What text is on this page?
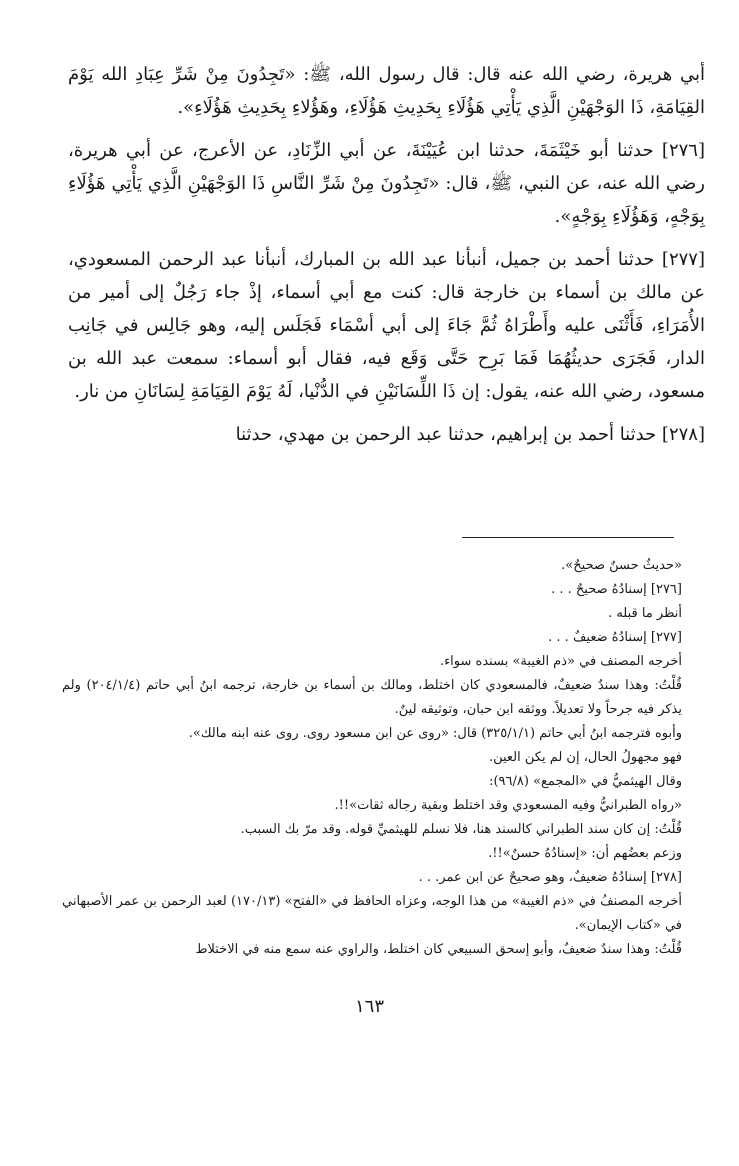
أبي هريرة، رضي الله عنه قال: قال رسول الله، ﷺ: «تَجِدُونَ مِنْ شَرِّ عِبَادِ الله يَوْمَ القِيَامَةِ، ذَا الوَجْهَيْنِ الَّذِي يَأْتِي هَؤُلَاءِ بِحَدِيثِ هَؤُلَاءِ، وهَؤُلاءِ بِحَدِيثِ هَؤُلَاءِ».

[٢٧٦] حدثنا أبو خَيْثَمَةَ، حدثنا ابن عُيَيْنَةَ، عن أبي الزِّنَادِ، عن الأعرج، عن أبي هريرة، رضي الله عنه، عن النبي، ﷺ، قال: «تَجِدُونَ مِنْ شَرِّ النَّاسِ ذَا الوَجْهَيْنِ الَّذِي يَأْتِي هَؤُلَاءِ بِوَجْهٍ، وَهَؤُلَاءِ بِوَجْهٍ».

[٢٧٧] حدثنا أحمد بن جميل، أنبأنا عبد الله بن المبارك، أنبأنا عبد الرحمن المسعودي، عن مالك بن أسماء بن خارجة قال: كنت مع أبي أسماء، إذْ جاء رَجُلٌ إلى أمير من الأُمَرَاءِ، فَأَثْنَى عليه وأَطْرَاهُ ثُمَّ جَاءَ إلى أبي أسْمَاء فَجَلَس إليه، وهو جَالِس في جَانِب الدار، فَجَرَى حديثُهُمَا فَمَا بَرِح حَتَّى وَقَع فيه، فقال أبو أسماء: سمعت عبد الله بن مسعود، رضي الله عنه، يقول: إن ذَا اللِّسَانَيْنِ في الدُّنْيا، لَهُ يَوْمَ القِيَامَةِ لِسَانَانِ من نار.

[٢٧٨] حدثنا أحمد بن إبراهيم، حدثنا عبد الرحمن بن مهدي، حدثنا

«حديثٌ حسنٌ صحيحٌ».
[٢٧٦] إسنادُهُ صحيحٌ . . .
أنظر ما قبله .
[٢٧٧] إسنادُهُ ضعيفٌ . . .
أخرجه المصنف في «ذم الغيبة» بسنده سواء.
قُلْتُ: وهذا سندٌ ضعيفٌ، فالمسعودي كان اختلط، ومالك بن أسماء بن خارجة، ترجمه ابنُ أبي حاتم (٢٠٤/١/٤) ولم يذكر فيه جرحاً ولا تعديلاً. ووثقه ابن حبان، وتوثيقه لينٌ.
وأبوه فترجمه ابنُ أبي حاتم (٣٢٥/١/١) قال: «روى عن ابن مسعود روى. روى عنه ابنه مالك».
فهو مجهولُ الحال، إن لم يكن العين.
وقال الهيثميُّ في «المجمع» (٩٦/٨):
«رواه الطبرانيُّ وفيه المسعودي وقد اختلط وبقية رجاله ثقات»!!.
قُلْتُ: إن كان سند الطبراني كالسند هنا، فلا نسلم للهيثميِّ قوله. وقد مرّ بك السبب.
وزعم بعضُهم أن: «إسنادُهُ حسنٌ»!!.
[٢٧٨] إسنادُهُ ضعيفٌ، وهو صحيحٌ عن ابن عمر. . .
أخرجه المصنفُ في «ذم الغيبة» من هذا الوجه، وعزاه الحافظ في «الفتح» (١٧٠/١٣) لعبد الرحمن بن عمر الأصبهاني في «كتاب الإيمان».
قُلْتُ: وهذا سندٌ ضعيفٌ، وأبو إسحق السبيعي كان اختلط، والراوي عنه سمع منه في الاختلاط
١٦٣
